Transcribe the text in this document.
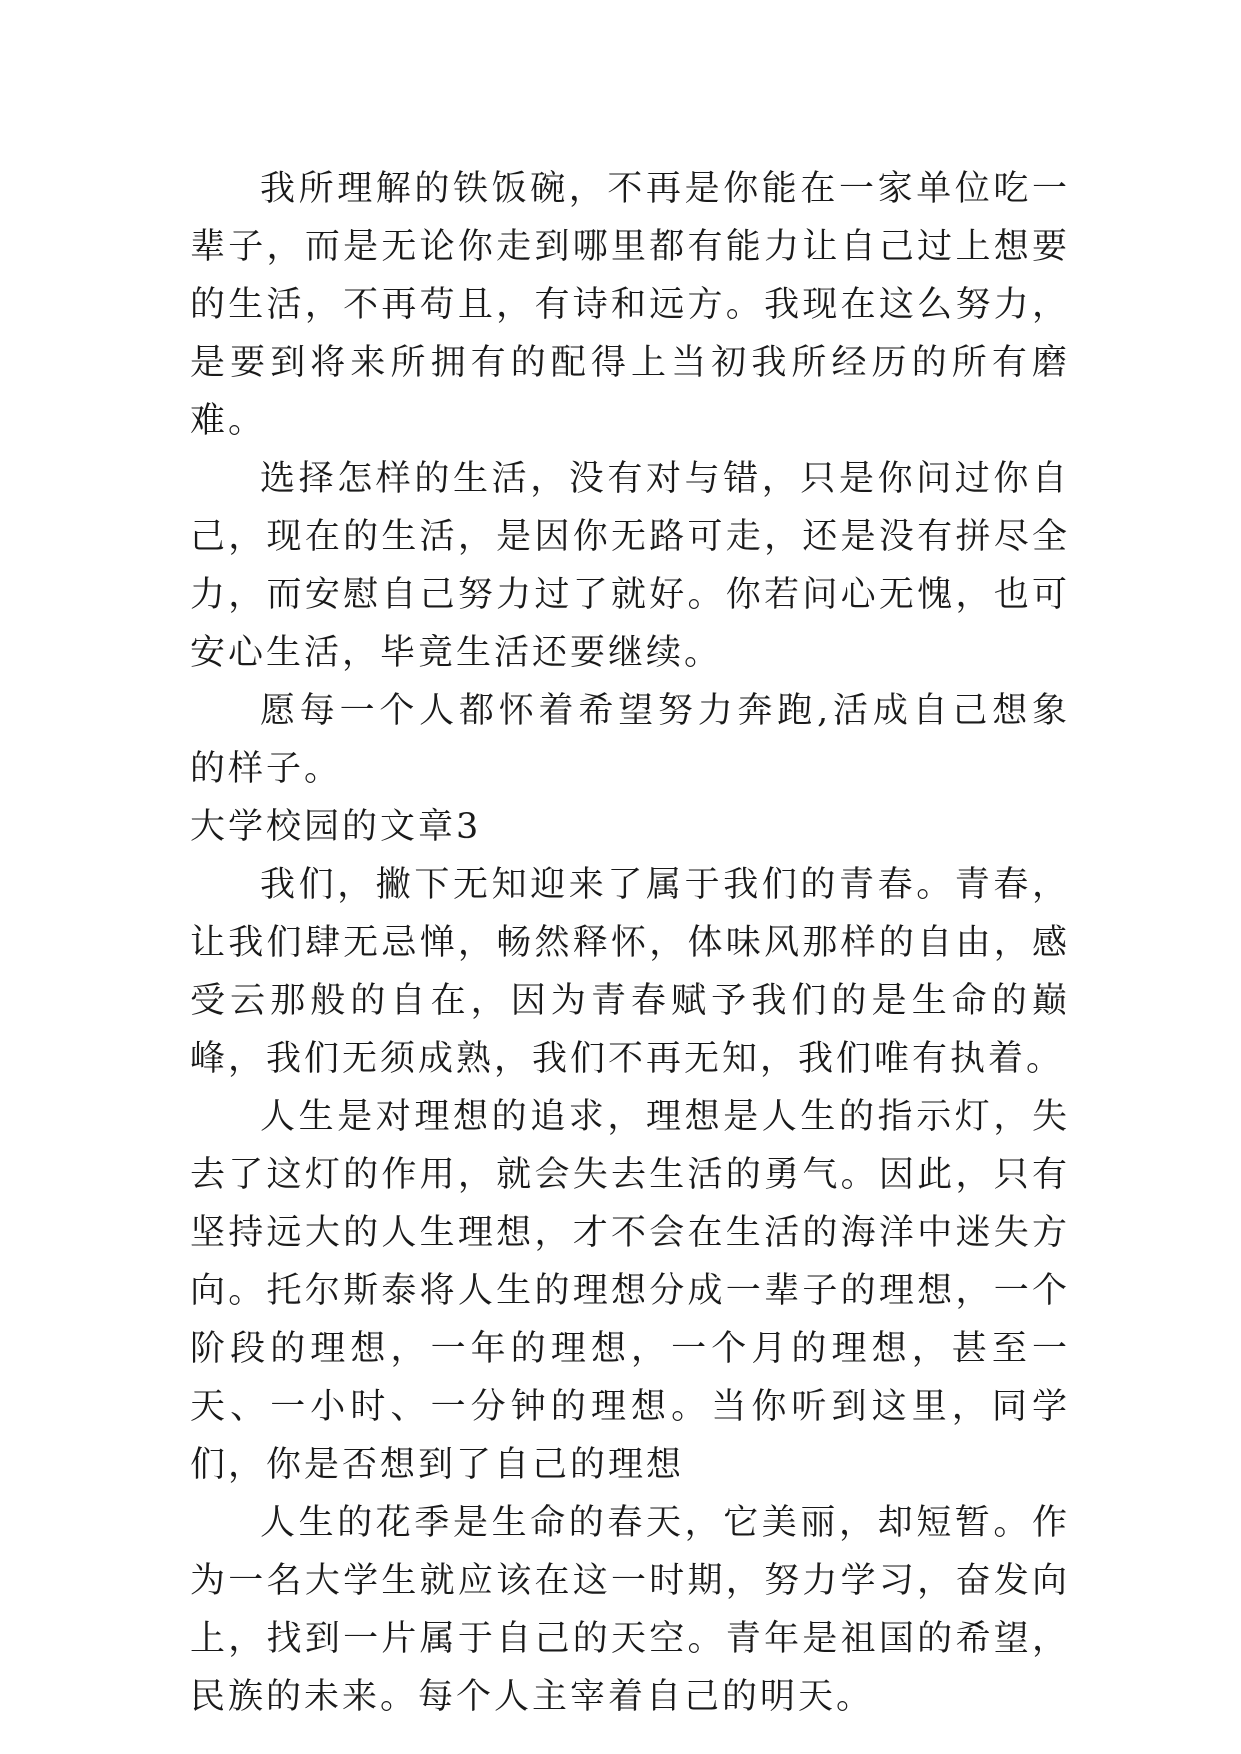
我所理解的铁饭碗，不再是你能在一家单位吃一辈子，而是无论你走到哪里都有能力让自己过上想要的生活，不再苟且，有诗和远方。我现在这么努力，是要到将来所拥有的配得上当初我所经历的所有磨难。

选择怎样的生活，没有对与错，只是你问过你自己，现在的生活，是因你无路可走，还是没有拼尽全力，而安慰自己努力过了就好。你若问心无愧，也可安心生活，毕竟生活还要继续。

愿每一个人都怀着希望努力奔跑,活成自己想象的样子。

大学校园的文章3

我们，撇下无知迎来了属于我们的青春。青春，让我们肆无忌惮，畅然释怀，体味风那样的自由，感受云那般的自在，因为青春赋予我们的是生命的巅峰，我们无须成熟，我们不再无知，我们唯有执着。

人生是对理想的追求，理想是人生的指示灯，失去了这灯的作用，就会失去生活的勇气。因此，只有坚持远大的人生理想，才不会在生活的海洋中迷失方向。托尔斯泰将人生的理想分成一辈子的理想，一个阶段的理想，一年的理想，一个月的理想，甚至一天、一小时、一分钟的理想。当你听到这里，同学们，你是否想到了自己的理想

人生的花季是生命的春天，它美丽，却短暂。作为一名大学生就应该在这一时期，努力学习，奋发向上，找到一片属于自己的天空。青年是祖国的希望，民族的未来。每个人主宰着自己的明天。
